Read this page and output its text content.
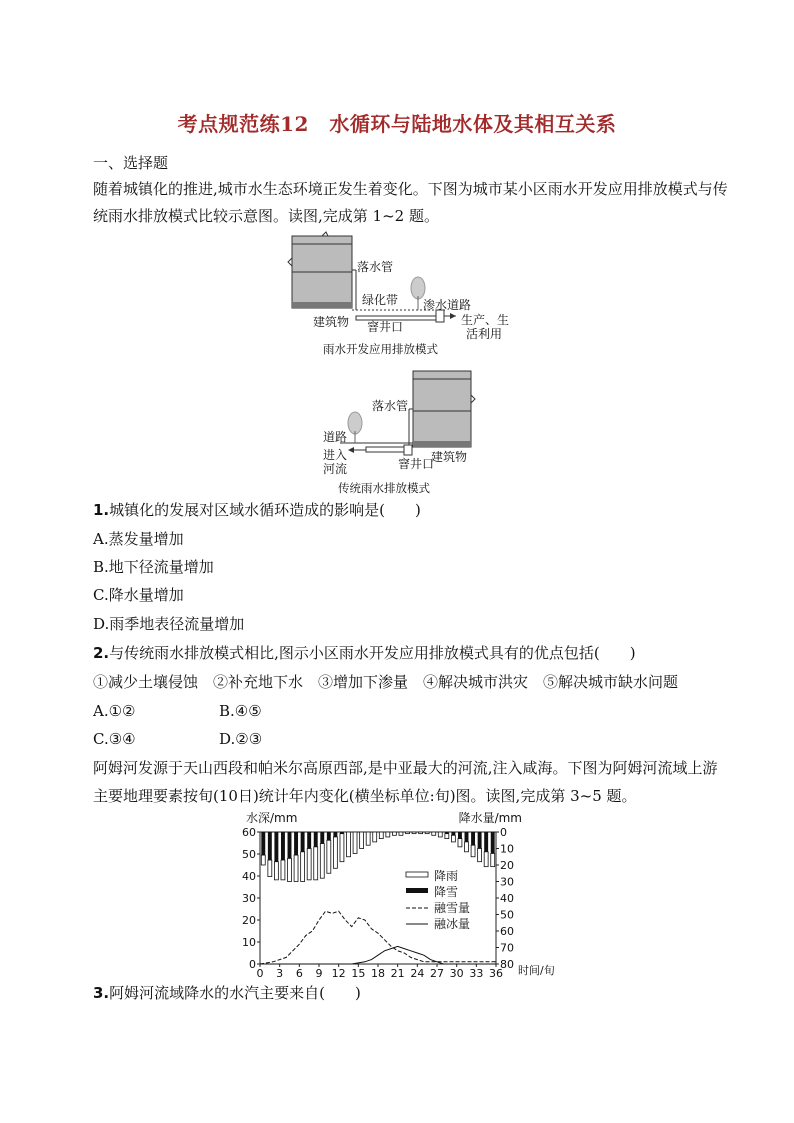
考点规范练12　水循环与陆地水体及其相互关系
一、选择题
随着城镇化的推进,城市水生态环境正发生着变化。下图为城市某小区雨水开发应用排放模式与传
统雨水排放模式比较示意图。读图,完成第 1~2 题。
落水管
绿化带 渗水道路
建筑物 窨井口	生产、生
活利用
雨水开发应用排放模式
落水管
道路
进入
河流	窨井口
建筑物
传统雨水排放模式
1.城镇化的发展对区域水循环造成的影响是(　　)
A.蒸发量增加
B.地下径流量增加
C.降水量增加
D.雨季地表径流量增加
2.与传统雨水排放模式相比,图示小区雨水开发应用排放模式具有的优点包括(　　)
①减少土壤侵蚀　②补充地下水　③增加下渗量　④解决城市洪灾　⑤解决城市缺水问题
A.①②	B.④⑤
C.③④	D.②③
阿姆河发源于天山西段和帕米尔高原西部,是中亚最大的河流,注入咸海。下图为阿姆河流域上游
主要地理要素按旬(10日)统计年内变化(横坐标单位:旬)图。读图,完成第 3~5 题。
水深/mm	降水量/mm
时间/旬
0
10
20
30
40
50
60	0
10
20
30
40
50
60
70
80
0 3 6 9 12 15 18 21 24 27 30 33 36
降雨
降雪
融雪量
融冰量
3.阿姆河流域降水的水汽主要来自(　　)
